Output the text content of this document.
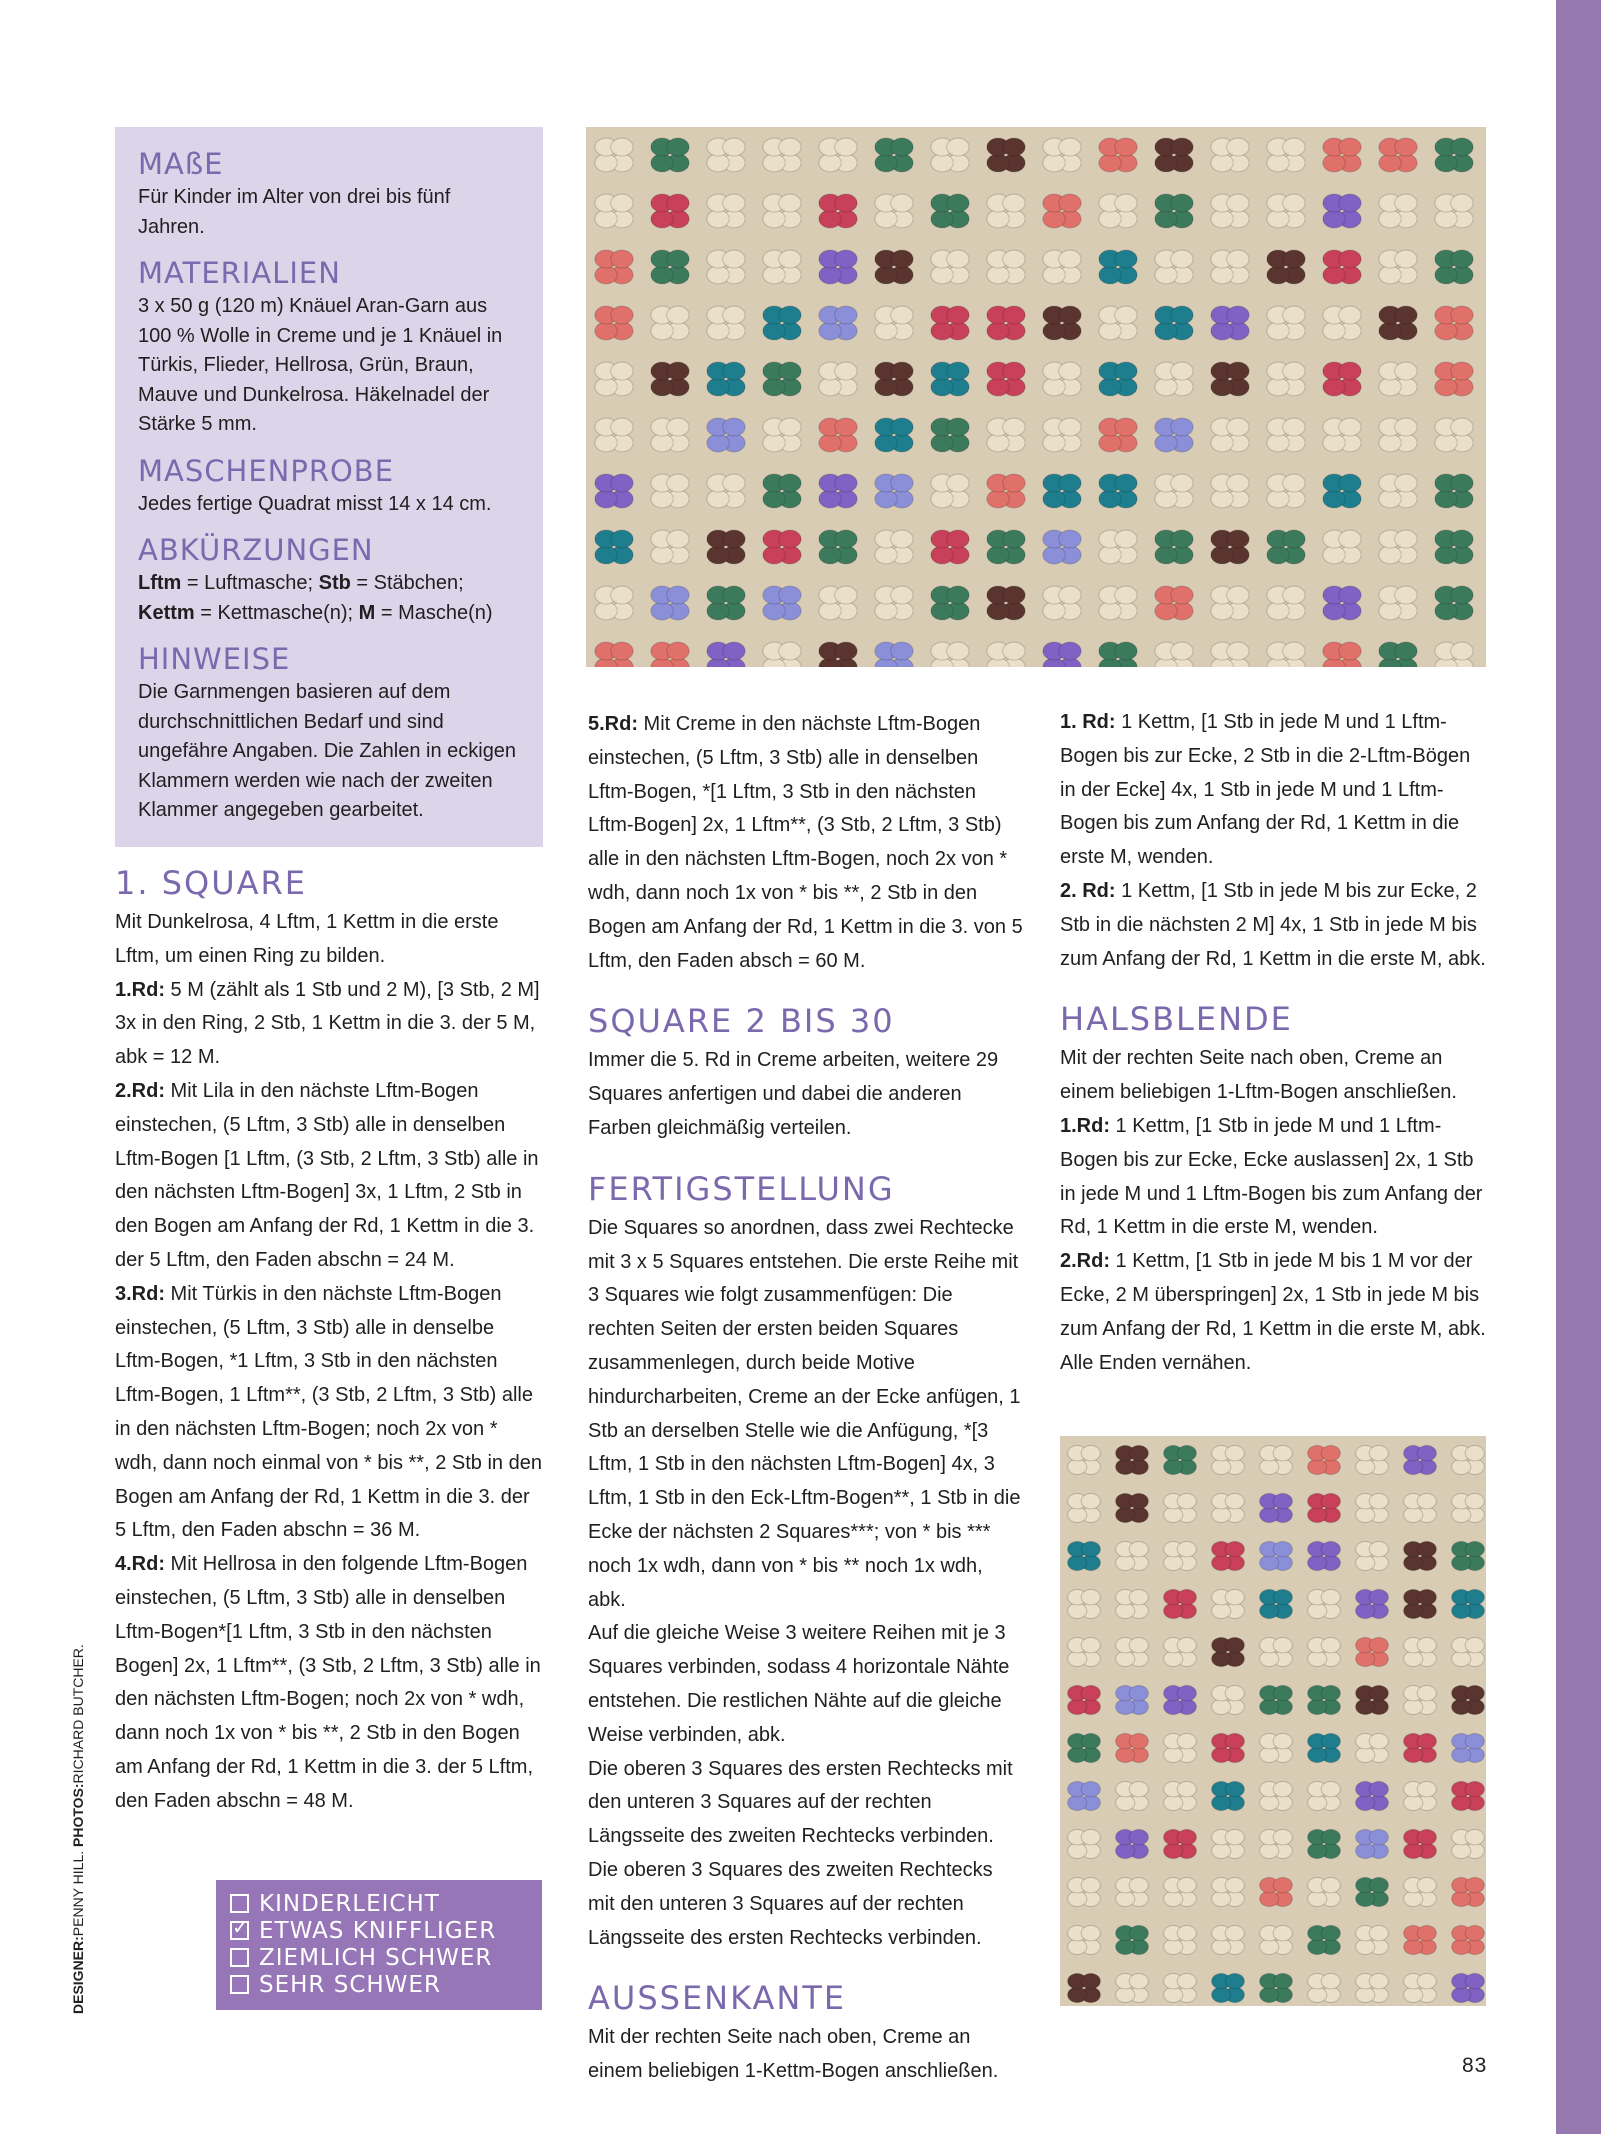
MAßE

Für Kinder im Alter von drei bis fünf Jahren.

MATERIALIEN

3 x 50 g (120 m) Knäuel Aran-Garn aus 100 % Wolle in Creme und je 1 Knäuel in Türkis, Flieder, Hellrosa, Grün, Braun, Mauve und Dunkelrosa. Häkelnadel der Stärke 5 mm.

MASCHENPROBE

Jedes fertige Quadrat misst 14 x 14 cm.

ABKÜRZUNGEN

Lftm = Luftmasche; Stb = Stäbchen;
Kettm = Kettmasche(n); M = Masche(n)

HINWEISE

Die Garnmengen basieren auf dem durchschnittlichen Bedarf und sind ungefähre Angaben. Die Zahlen in eckigen Klammern werden wie nach der zweiten Klammer angegeben gearbeitet.

1. SQUARE

Mit Dunkelrosa, 4 Lftm, 1 Kettm in die erste Lftm, um einen Ring zu bilden.

1.Rd: 5 M (zählt als 1 Stb und 2 M), [3 Stb, 2 M] 3x in den Ring, 2 Stb, 1 Kettm in die 3. der 5 M, abk = 12 M.

2.Rd: Mit Lila in den nächste Lftm-Bogen einstechen, (5 Lftm, 3 Stb) alle in denselben Lftm-Bogen [1 Lftm, (3 Stb, 2 Lftm, 3 Stb) alle in den nächsten Lftm-Bogen] 3x, 1 Lftm, 2 Stb in den Bogen am Anfang der Rd, 1 Kettm in die 3. der 5 Lftm, den Faden abschn = 24 M.

3.Rd: Mit Türkis in den nächste Lftm-Bogen einstechen, (5 Lftm, 3 Stb) alle in denselbe Lftm-Bogen, *1 Lftm, 3 Stb in den nächsten Lftm-Bogen, 1 Lftm**, (3 Stb, 2 Lftm, 3 Stb) alle in den nächsten Lftm-Bogen; noch 2x von * wdh, dann noch einmal von * bis **, 2 Stb in den Bogen am Anfang der Rd, 1 Kettm in die 3. der 5 Lftm, den Faden abschn = 36 M.

4.Rd: Mit Hellrosa in den folgende Lftm-Bogen einstechen, (5 Lftm, 3 Stb) alle in denselben Lftm-Bogen*[1 Lftm, 3 Stb in den nächsten Bogen] 2x, 1 Lftm**, (3 Stb, 2 Lftm, 3 Stb) alle in den nächsten Lftm-Bogen; noch 2x von * wdh, dann noch 1x von * bis **, 2 Stb in den Bogen am Anfang der Rd, 1 Kettm in die 3. der 5 Lftm, den Faden abschn = 48 M.

5.Rd: Mit Creme in den nächste Lftm-Bogen einstechen, (5 Lftm, 3 Stb) alle in denselben Lftm-Bogen, *[1 Lftm, 3 Stb in den nächsten Lftm-Bogen] 2x, 1 Lftm**, (3 Stb, 2 Lftm, 3 Stb) alle in den nächsten Lftm-Bogen, noch 2x von * wdh, dann noch 1x von * bis **, 2 Stb in den Bogen am Anfang der Rd, 1 Kettm in die 3. von 5 Lftm, den Faden absch = 60 M.

SQUARE 2 BIS 30

Immer die 5. Rd in Creme arbeiten, weitere 29 Squares anfertigen und dabei die anderen Farben gleichmäßig verteilen.

FERTIGSTELLUNG

Die Squares so anordnen, dass zwei Rechtecke mit 3 x 5 Squares entstehen. Die erste Reihe mit 3 Squares wie folgt zusammenfügen: Die rechten Seiten der ersten beiden Squares zusammenlegen, durch beide Motive hindurcharbeiten, Creme an der Ecke anfügen, 1 Stb an derselben Stelle wie die Anfügung, *[3 Lftm, 1 Stb in den nächsten Lftm-Bogen] 4x, 3 Lftm, 1 Stb in den Eck-Lftm-Bogen**, 1 Stb in die Ecke der nächsten 2 Squares***; von * bis *** noch 1x wdh, dann von * bis ** noch 1x wdh, abk.

Auf die gleiche Weise 3 weitere Reihen mit je 3 Squares verbinden, sodass 4 horizontale Nähte entstehen. Die restlichen Nähte auf die gleiche Weise verbinden, abk.

Die oberen 3 Squares des ersten Rechtecks mit den unteren 3 Squares auf der rechten Längsseite des zweiten Rechtecks verbinden. Die oberen 3 Squares des zweiten Rechtecks mit den unteren 3 Squares auf der rechten Längsseite des ersten Rechtecks verbinden.

AUSSENKANTE

Mit der rechten Seite nach oben, Creme an einem beliebigen 1-Kettm-Bogen anschließen.

1. Rd: 1 Kettm, [1 Stb in jede M und 1 Lftm-Bogen bis zur Ecke, 2 Stb in die 2-Lftm-Bögen in der Ecke] 4x, 1 Stb in jede M und 1 Lftm-Bogen bis zum Anfang der Rd, 1 Kettm in die erste M, wenden.

2. Rd: 1 Kettm, [1 Stb in jede M bis zur Ecke, 2 Stb in die nächsten 2 M] 4x, 1 Stb in jede M bis zum Anfang der Rd, 1 Kettm in die erste M, abk.

HALSBLENDE

Mit der rechten Seite nach oben, Creme an einem beliebigen 1-Lftm-Bogen anschließen.

1.Rd: 1 Kettm, [1 Stb in jede M und 1 Lftm-Bogen bis zur Ecke, Ecke auslassen] 2x, 1 Stb in jede M und 1 Lftm-Bogen bis zum Anfang der Rd, 1 Kettm in die erste M, wenden.

2.Rd: 1 Kettm, [1 Stb in jede M bis 1 M vor der Ecke, 2 M überspringen] 2x, 1 Stb in jede M bis zum Anfang der Rd, 1 Kettm in die erste M, abk.

Alle Enden vernähen.

KINDERLEICHT
✓
ETWAS KNIFFLIGER
ZIEMLICH SCHWER
SEHR SCHWER
DESIGNER:PENNY HILL. PHOTOS:RICHARD BUTCHER.
83
